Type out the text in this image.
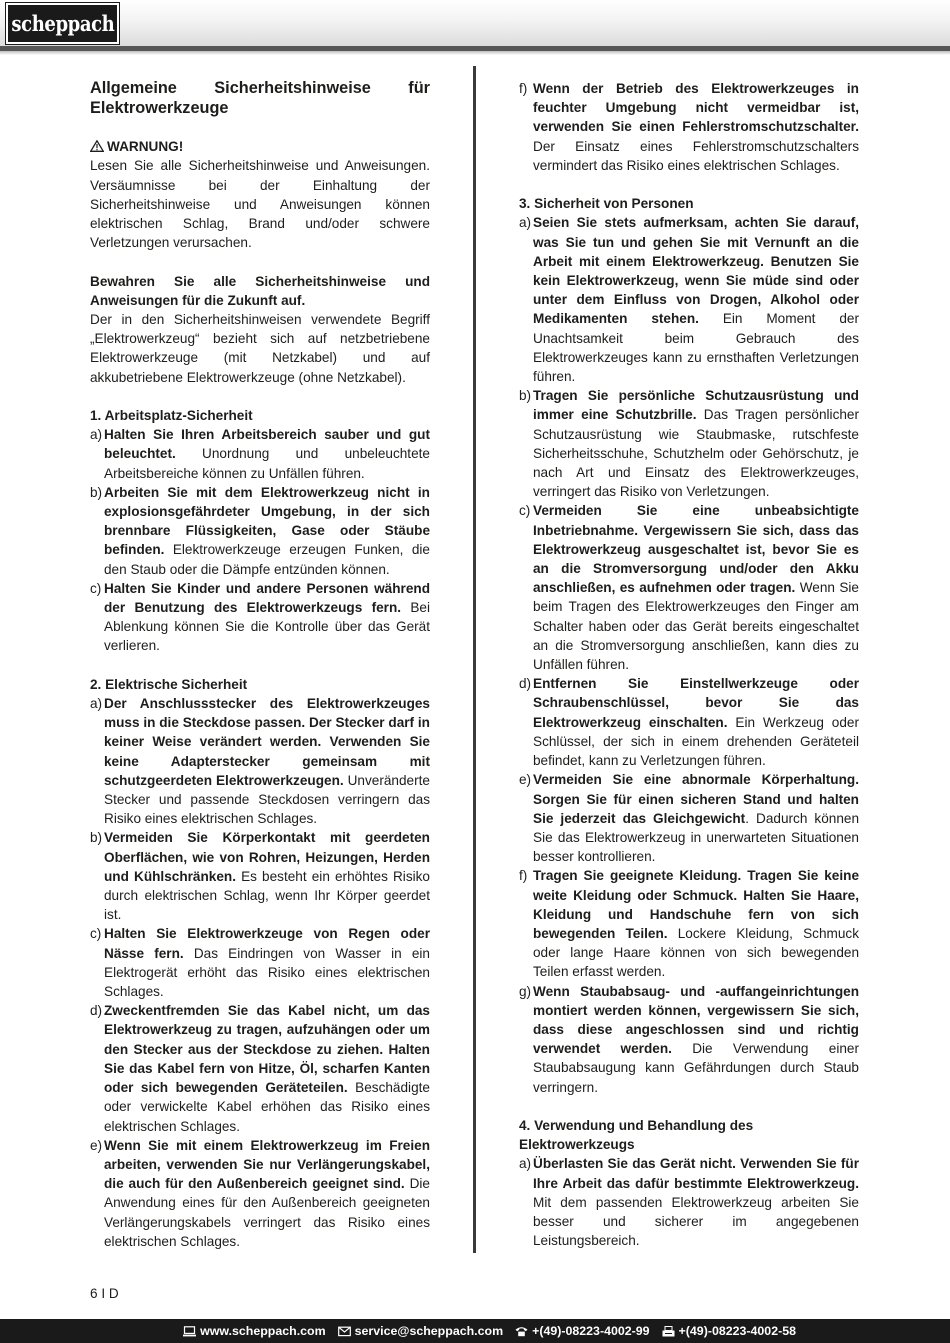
scheppach
Allgemeine Sicherheitshinweise für
Elektrowerkzeuge
WARNUNG!

Lesen Sie alle Sicherheitshinweise und Anweisungen. Versäumnisse bei der Einhaltung der Sicherheitshinweise und Anweisungen können elektrischen Schlag, Brand und/oder schwere Verletzungen verursachen.

Bewahren Sie alle Sicherheitshinweise und Anweisungen für die Zukunft auf.

Der in den Sicherheitshinweisen verwendete Begriff „Elektrowerkzeug“ bezieht sich auf netzbetriebene Elektrowerkzeuge (mit Netzkabel) und auf akkubetriebene Elektrowerkzeuge (ohne Netzkabel).

1. Arbeitsplatz-Sicherheit
a) Halten Sie Ihren Arbeitsbereich sauber und gut beleuchtet. Unordnung und unbeleuchtete Arbeitsbereiche können zu Unfällen führen.
b) Arbeiten Sie mit dem Elektrowerkzeug nicht in explosionsgefährdeter Umgebung, in der sich brennbare Flüssigkeiten, Gase oder Stäube befinden. Elektrowerkzeuge erzeugen Funken, die den Staub oder die Dämpfe entzünden können.
c) Halten Sie Kinder und andere Personen während der Benutzung des Elektrowerkzeugs fern. Bei Ablenkung können Sie die Kontrolle über das Gerät verlieren.
2. Elektrische Sicherheit
a) Der Anschlussstecker des Elektrowerkzeuges muss in die Steckdose passen. Der Stecker darf in keiner Weise verändert werden. Verwenden Sie keine Adapterstecker gemeinsam mit schutzgeerdeten Elektrowerkzeugen. Unveränderte Stecker und passende Steckdosen verringern das Risiko eines elektrischen Schlages.
b) Vermeiden Sie Körperkontakt mit geerdeten Oberflächen, wie von Rohren, Heizungen, Herden und Kühlschränken. Es besteht ein erhöhtes Risiko durch elektrischen Schlag, wenn Ihr Körper geerdet ist.
c) Halten Sie Elektrowerkzeuge von Regen oder Nässe fern. Das Eindringen von Wasser in ein Elektrogerät erhöht das Risiko eines elektrischen Schlages.
d) Zweckentfremden Sie das Kabel nicht, um das Elektrowerkzeug zu tragen, aufzuhängen oder um den Stecker aus der Steckdose zu ziehen. Halten Sie das Kabel fern von Hitze, Öl, scharfen Kanten oder sich bewegenden Geräteteilen. Beschädigte oder verwickelte Kabel erhöhen das Risiko eines elektrischen Schlages.
e) Wenn Sie mit einem Elektrowerkzeug im Freien arbeiten, verwenden Sie nur Verlängerungskabel, die auch für den Außenbereich geeignet sind. Die Anwendung eines für den Außenbereich geeigneten Verlängerungskabels verringert das Risiko eines elektrischen Schlages.
f) Wenn der Betrieb des Elektrowerkzeuges in feuchter Umgebung nicht vermeidbar ist, verwenden Sie einen Fehlerstromschutzschalter. Der Einsatz eines Fehlerstromschutzschalters vermindert das Risiko eines elektrischen Schlages.
3. Sicherheit von Personen
a) Seien Sie stets aufmerksam, achten Sie darauf, was Sie tun und gehen Sie mit Vernunft an die Arbeit mit einem Elektrowerkzeug. Benutzen Sie kein Elektrowerkzeug, wenn Sie müde sind oder unter dem Einfluss von Drogen, Alkohol oder Medikamenten stehen. Ein Moment der Unachtsamkeit beim Gebrauch des Elektrowerkzeuges kann zu ernsthaften Verletzungen führen.
b) Tragen Sie persönliche Schutzausrüstung und immer eine Schutzbrille. Das Tragen persönlicher Schutzausrüstung wie Staubmaske, rutschfeste Sicherheitsschuhe, Schutzhelm oder Gehörschutz, je nach Art und Einsatz des Elektrowerkzeuges, verringert das Risiko von Verletzungen.
c) Vermeiden Sie eine unbeabsichtigte Inbetriebnahme. Vergewissern Sie sich, dass das Elektrowerkzeug ausgeschaltet ist, bevor Sie es an die Stromversorgung und/oder den Akku anschließen, es aufnehmen oder tragen. Wenn Sie beim Tragen des Elektrowerkzeuges den Finger am Schalter haben oder das Gerät bereits eingeschaltet an die Stromversorgung anschließen, kann dies zu Unfällen führen.
d) Entfernen Sie Einstellwerkzeuge oder Schraubenschlüssel, bevor Sie das Elektrowerkzeug einschalten. Ein Werkzeug oder Schlüssel, der sich in einem drehenden Geräteteil befindet, kann zu Verletzungen führen.
e) Vermeiden Sie eine abnormale Körperhaltung. Sorgen Sie für einen sicheren Stand und halten Sie jederzeit das Gleichgewicht. Dadurch können Sie das Elektrowerkzeug in unerwarteten Situationen besser kontrollieren.
f) Tragen Sie geeignete Kleidung. Tragen Sie keine weite Kleidung oder Schmuck. Halten Sie Haare, Kleidung und Handschuhe fern von sich bewegenden Teilen. Lockere Kleidung, Schmuck oder lange Haare können von sich bewegenden Teilen erfasst werden.
g) Wenn Staubabsaug- und -auffangeinrichtungen montiert werden können, vergewissern Sie sich, dass diese angeschlossen sind und richtig verwendet werden. Die Verwendung einer Staubabsaugung kann Gefährdungen durch Staub verringern.
4. Verwendung und Behandlung des Elektrowerkzeugs
a) Überlasten Sie das Gerät nicht. Verwenden Sie für Ihre Arbeit das dafür bestimmte Elektrowerkzeug. Mit dem passenden Elektrowerkzeug arbeiten Sie besser und sicherer im angegebenen Leistungsbereich.
6 I D
www.scheppach.com service@scheppach.com +(49)-08223-4002-99 +(49)-08223-4002-58
